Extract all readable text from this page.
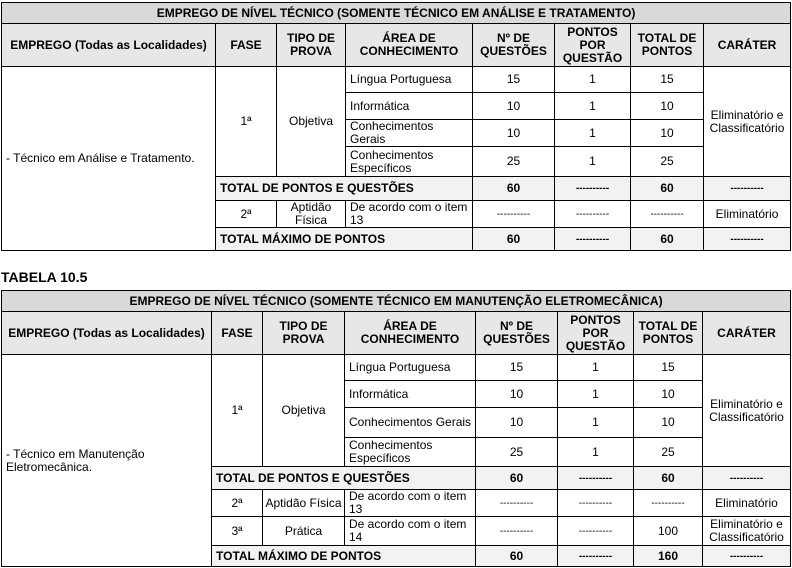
EMPREGO DE NÍVEL TÉCNICO (SOMENTE TÉCNICO EM ANÁLISE E TRATAMENTO)							
EMPREGO (Todas as Localidades)	FASE	TIPO DE PROVA	ÁREA DE CONHECIMENTO	Nº DE QUESTÕES	PONTOS POR QUESTÃO	TOTAL DE PONTOS	CARÁTER
- Técnico em Análise e Tratamento.	1ª	Objetiva	Língua Portuguesa	15	1	15	Eliminatório e Classificatório
			Informática	10	1	10	
			Conhecimentos Gerais	10	1	10	
			Conhecimentos Específicos	25	1	25	
	TOTAL DE PONTOS E QUESTÕES			60	----------	60	----------
	2ª	Aptidão Física	De acordo com o item 13	----------	----------	----------	Eliminatório
	TOTAL MÁXIMO DE PONTOS			60	----------	60	----------
TABELA 10.5
EMPREGO DE NÍVEL TÉCNICO (SOMENTE TÉCNICO EM MANUTENÇÃO ELETROMECÂNICA)							
EMPREGO (Todas as Localidades)	FASE	TIPO DE PROVA	ÁREA DE CONHECIMENTO	Nº DE QUESTÕES	PONTOS POR QUESTÃO	TOTAL DE PONTOS	CARÁTER
- Técnico em Manutenção Eletromecânica.	1ª	Objetiva	Língua Portuguesa	15	1	15	Eliminatório e Classificatório
			Informática	10	1	10	
			Conhecimentos Gerais	10	1	10	
			Conhecimentos Específicos	25	1	25	
	TOTAL DE PONTOS E QUESTÕES			60	----------	60	----------
	2ª	Aptidão Física	De acordo com o item 13	----------	----------	----------	Eliminatório
	3ª	Prática	De acordo com o item 14	----------	----------	100	Eliminatório e Classificatório
	TOTAL MÁXIMO DE PONTOS			60	----------	160	----------
